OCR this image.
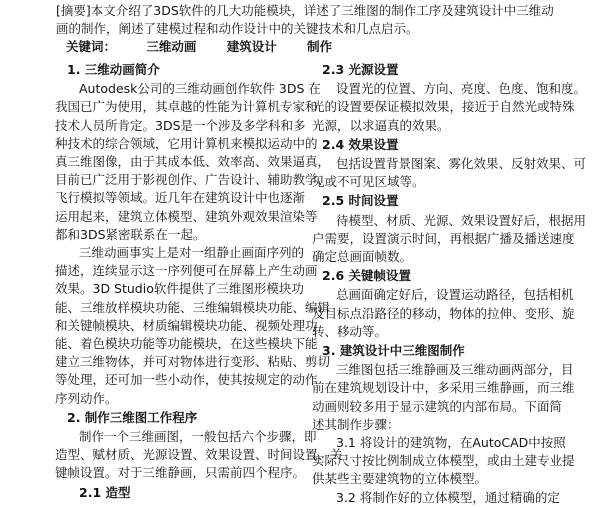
[摘要]本文介绍了3DS软件的几大功能模块，详述了三维图的制作工序及建筑设计中三维动
画的制作，阐述了建模过程和动作设计中的关键技术和几点启示。
关键词： 三维动画 建筑设计 制作

1. 三维动画简介

Autodesk公司的三维动画创作软件 3DS 在

我国已广为使用，其卓越的性能为计算机专家和

技术人员所肯定。3DS是一个涉及多学科和多

种技术的综合领域，它用计算机来模拟运动中的

真三维图像，由于其成本低、效率高、效果逼真，

目前已广泛用于影视创作、广告设计、辅助教学、

飞行模拟等领域。近几年在建筑设计中也逐渐

运用起来，建筑立体模型、建筑外观效果渲染等

都和3DS紧密联系在一起。

三维动画事实上是对一组静止画面序列的

描述，连续显示这一序列便可在屏幕上产生动画

效果。3D Studio软件提供了三维图形模块功

能、三维放样模块功能、三维编辑模块功能、编辑

和关键帧模块、材质编辑模块功能、视频处理功

能、着色模块功能等功能模块，在这些模块下能

建立三维物体，并可对物体进行变形、粘贴、剪切

等处理，还可加一些小动作，使其按规定的动作

序列动作。

2. 制作三维图工作程序

制作一个三维画图，一般包括六个步骤，即

造型、赋材质、光源设置、效果设置、时间设置、关

键帧设置。对于三维静画，只需前四个程序。

2.1 造型

2.3 光源设置

设置光的位置、方向、亮度、色度、饱和度。

光的设置要保证模拟效果，接近于自然光或特殊

光源，以求逼真的效果。

2.4 效果设置

包括设置背景图案、雾化效果、反射效果、可

见或不可见区域等。

2.5 时间设置

待模型、材质、光源、效果设置好后，根据用

户需要，设置演示时间，再根据广播及播送速度

确定总画面帧数。

2.6 关键帧设置

总画面确定好后，设置运动路径，包括相机

及目标点沿路径的移动，物体的拉伸、变形、旋

转、移动等。

3. 建筑设计中三维图制作

三维图包括三维静画及三维动画两部分，目

前在建筑规划设计中，多采用三维静画，而三维

动画则较多用于显示建筑的内部布局。下面简

述其制作步骤：

3.1 将设计的建筑物，在AutoCAD中按照

实际尺寸按比例制成立体模型，或由土建专业提

供某些主要建筑物的立体模型。

3.2 将制作好的立体模型，通过精确的定
